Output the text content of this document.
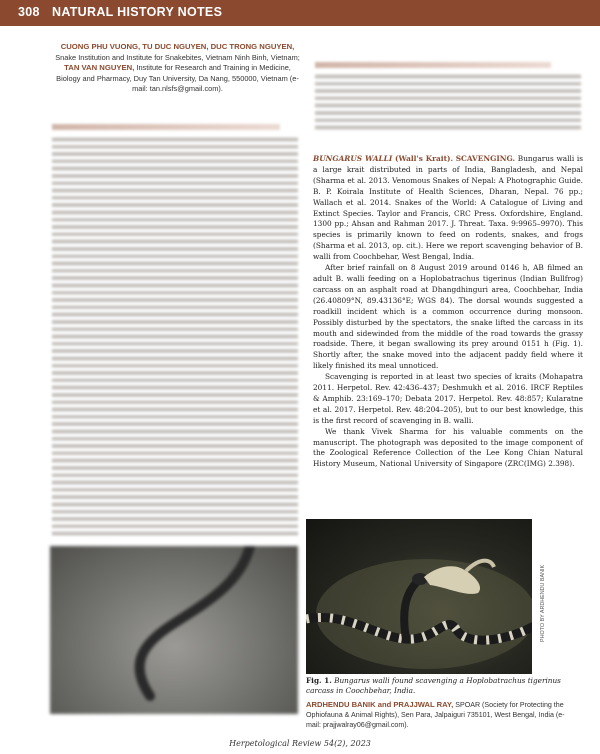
308 NATURAL HISTORY NOTES
CUONG PHU VUONG, TU DUC NGUYEN, DUC TRONG NGUYEN, Snake Institution and Institute for Snakebites, Vietnam Ninh Binh, Vietnam; TAN VAN NGUYEN, Institute for Research and Training in Medicine, Biology and Pharmacy, Duy Tan University, Da Nang, 550000, Vietnam (e-mail: tan.nlsfs@gmail.com).

BUNGARUS WALLI (Wall's Krait). SCAVENGING. Bungarus walli is a large krait distributed in parts of India, Bangladesh, and Nepal (Sharma et al. 2013. Venomous Snakes of Nepal: A Photographic Guide. B. P. Koirala Institute of Health Sciences, Dharan, Nepal. 76 pp.; Wallach et al. 2014. Snakes of the World: A Catalogue of Living and Extinct Species. Taylor and Francis, CRC Press. Oxfordshire, England. 1300 pp.; Ahsan and Rahman 2017. J. Threat. Taxa. 9:9965–9970). This species is primarily known to feed on rodents, snakes, and frogs (Sharma et al. 2013, op. cit.). Here we report scavenging behavior of B. walli from Coochbehar, West Bengal, India.

After brief rainfall on 8 August 2019 around 0146 h, AB filmed an adult B. walli feeding on a Hoplobatrachus tigerinus (Indian Bullfrog) carcass on an asphalt road at Dhangdhinguri area, Coochbehar, India (26.40809°N, 89.43136°E; WGS 84). The dorsal wounds suggested a roadkill incident which is a common occurrence during monsoon. Possibly disturbed by the spectators, the snake lifted the carcass in its mouth and sidewinded from the middle of the road towards the grassy roadside. There, it began swallowing its prey around 0151 h (Fig. 1). Shortly after, the snake moved into the adjacent paddy field where it likely finished its meal unnoticed.

Scavenging is reported in at least two species of kraits (Mohapatra 2011. Herpetol. Rev. 42:436–437; Deshmukh et al. 2016. IRCF Reptiles & Amphib. 23:169–170; Debata 2017. Herpetol. Rev. 48:857; Kularatne et al. 2017. Herpetol. Rev. 48:204–205), but to our best knowledge, this is the first record of scavenging in B. walli.

We thank Vivek Sharma for his valuable comments on the manuscript. The photograph was deposited to the image component of the Zoological Reference Collection of the Lee Kong Chian Natural History Museum, National University of Singapore (ZRC(IMG) 2.398).

PHOTO BY ARDHENDU BANIK
Fig. 1. Bungarus walli found scavenging a Hoplobatrachus tigerinus carcass in Coochbehar, India.
ARDHENDU BANIK and PRAJJWAL RAY, SPOAR (Society for Protecting the Ophiofauna & Animal Rights), Sen Para, Jalpaiguri 735101, West Bengal, India (e-mail: prajjwalray06@gmail.com).
Herpetological Review 54(2), 2023
